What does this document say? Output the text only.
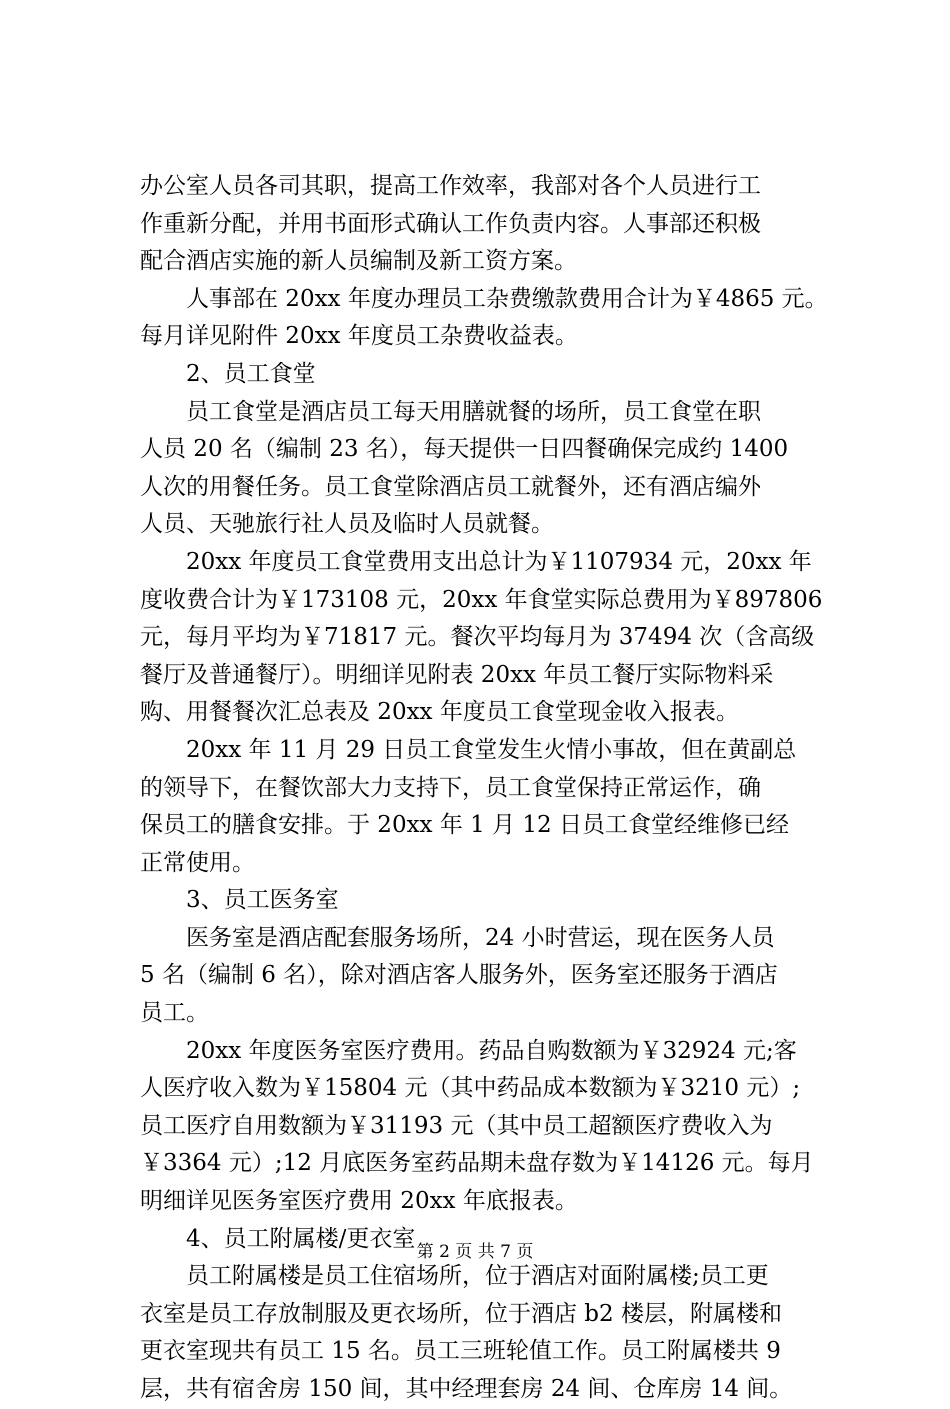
办公室人员各司其职，提高工作效率，我部对各个人员进行工
作重新分配，并用书面形式确认工作负责内容。人事部还积极
配合酒店实施的新人员编制及新工资方案。
人事部在 20xx 年度办理员工杂费缴款费用合计为￥4865 元。
每月详见附件 20xx 年度员工杂费收益表。
2、员工食堂
员工食堂是酒店员工每天用膳就餐的场所，员工食堂在职
人员 20 名（编制 23 名），每天提供一日四餐确保完成约 1400
人次的用餐任务。员工食堂除酒店员工就餐外，还有酒店编外
人员、天驰旅行社人员及临时人员就餐。
20xx 年度员工食堂费用支出总计为￥1107934 元，20xx 年
度收费合计为￥173108 元，20xx 年食堂实际总费用为￥897806
元，每月平均为￥71817 元。餐次平均每月为 37494 次（含高级
餐厅及普通餐厅）。明细详见附表 20xx 年员工餐厅实际物料采
购、用餐餐次汇总表及 20xx 年度员工食堂现金收入报表。
20xx 年 11 月 29 日员工食堂发生火情小事故，但在黄副总
的领导下，在餐饮部大力支持下，员工食堂保持正常运作，确
保员工的膳食安排。于 20xx 年 1 月 12 日员工食堂经维修已经
正常使用。
3、员工医务室
医务室是酒店配套服务场所，24 小时营运，现在医务人员
5 名（编制 6 名），除对酒店客人服务外，医务室还服务于酒店
员工。
20xx 年度医务室医疗费用。药品自购数额为￥32924 元;客
人医疗收入数为￥15804 元（其中药品成本数额为￥3210 元）;
员工医疗自用数额为￥31193 元（其中员工超额医疗费收入为
￥3364 元）;12 月底医务室药品期未盘存数为￥14126 元。每月
明细详见医务室医疗费用 20xx 年底报表。
4、员工附属楼/更衣室
员工附属楼是员工住宿场所，位于酒店对面附属楼;员工更
衣室是员工存放制服及更衣场所，位于酒店 b2 楼层，附属楼和
更衣室现共有员工 15 名。员工三班轮值工作。员工附属楼共 9
层，共有宿舍房 150 间，其中经理套房 24 间、仓库房 14 间。
第 2 页 共 7 页
